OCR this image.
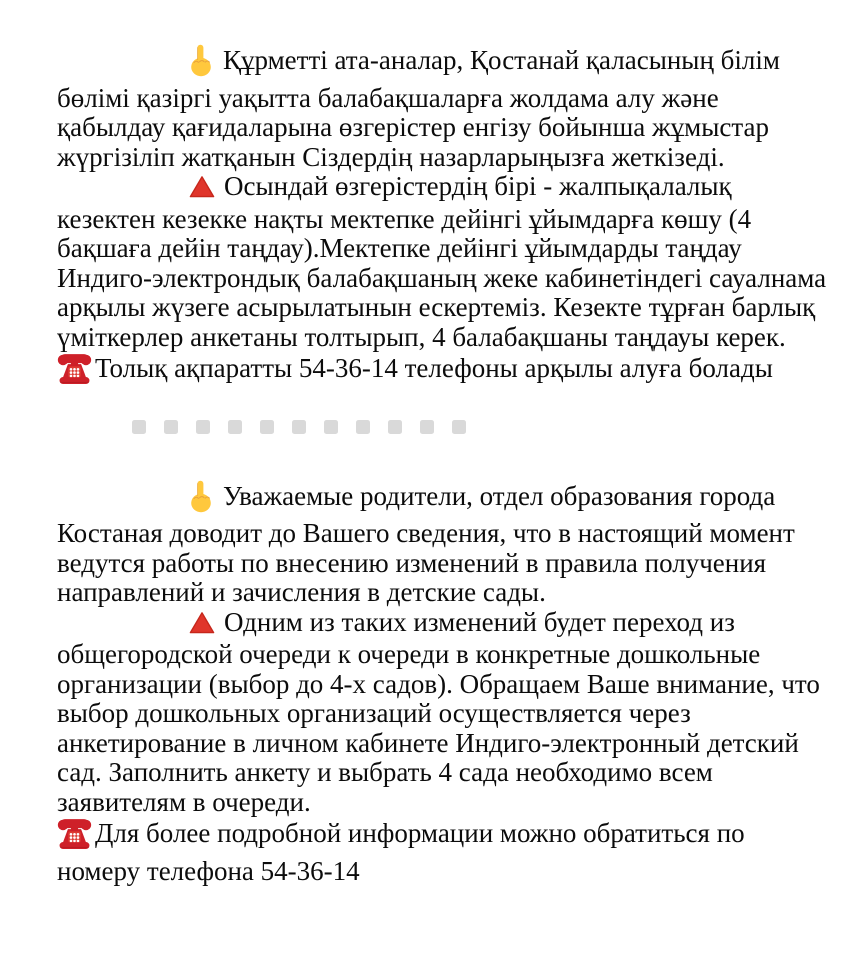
Құрметті ата-аналар, Қостанай қаласының білім бөлімі қазіргі уақытта балабақшаларға жолдама алу және қабылдау қағидаларына өзгерістер енгізу бойынша жұмыстар жүргізіліп жатқанын Сіздердің назарларыңызға жеткізеді.

Осындай өзгерістердің бірі - жалпықалалық кезектен кезекке нақты мектепке дейінгі ұйымдарға көшу (4 бақшаға дейін таңдау).Мектепке дейінгі ұйымдарды таңдау Индиго-электрондық балабақшаның жеке кабинетіндегі сауалнама арқылы жүзеге асырылатынын ескертеміз. Кезекте тұрған барлық үміткерлер анкетаны толтырып, 4 балабақшаны таңдауы керек.

Толық ақпаратты 54-36-14 телефоны арқылы алуға болады

Уважаемые родители, отдел образования города Костаная доводит до Вашего сведения, что в настоящий момент ведутся работы по внесению изменений в правила получения направлений и зачисления в детские сады.

Одним из таких изменений будет переход из общегородской очереди к очереди в конкретные дошкольные организации (выбор до 4-х садов). Обращаем Ваше внимание, что выбор дошкольных организаций осуществляется через анкетирование в личном кабинете Индиго-электронный детский сад. Заполнить анкету и выбрать 4 сада необходимо всем заявителям в очереди.

Для более подробной информации можно обратиться по номеру телефона 54-36-14
